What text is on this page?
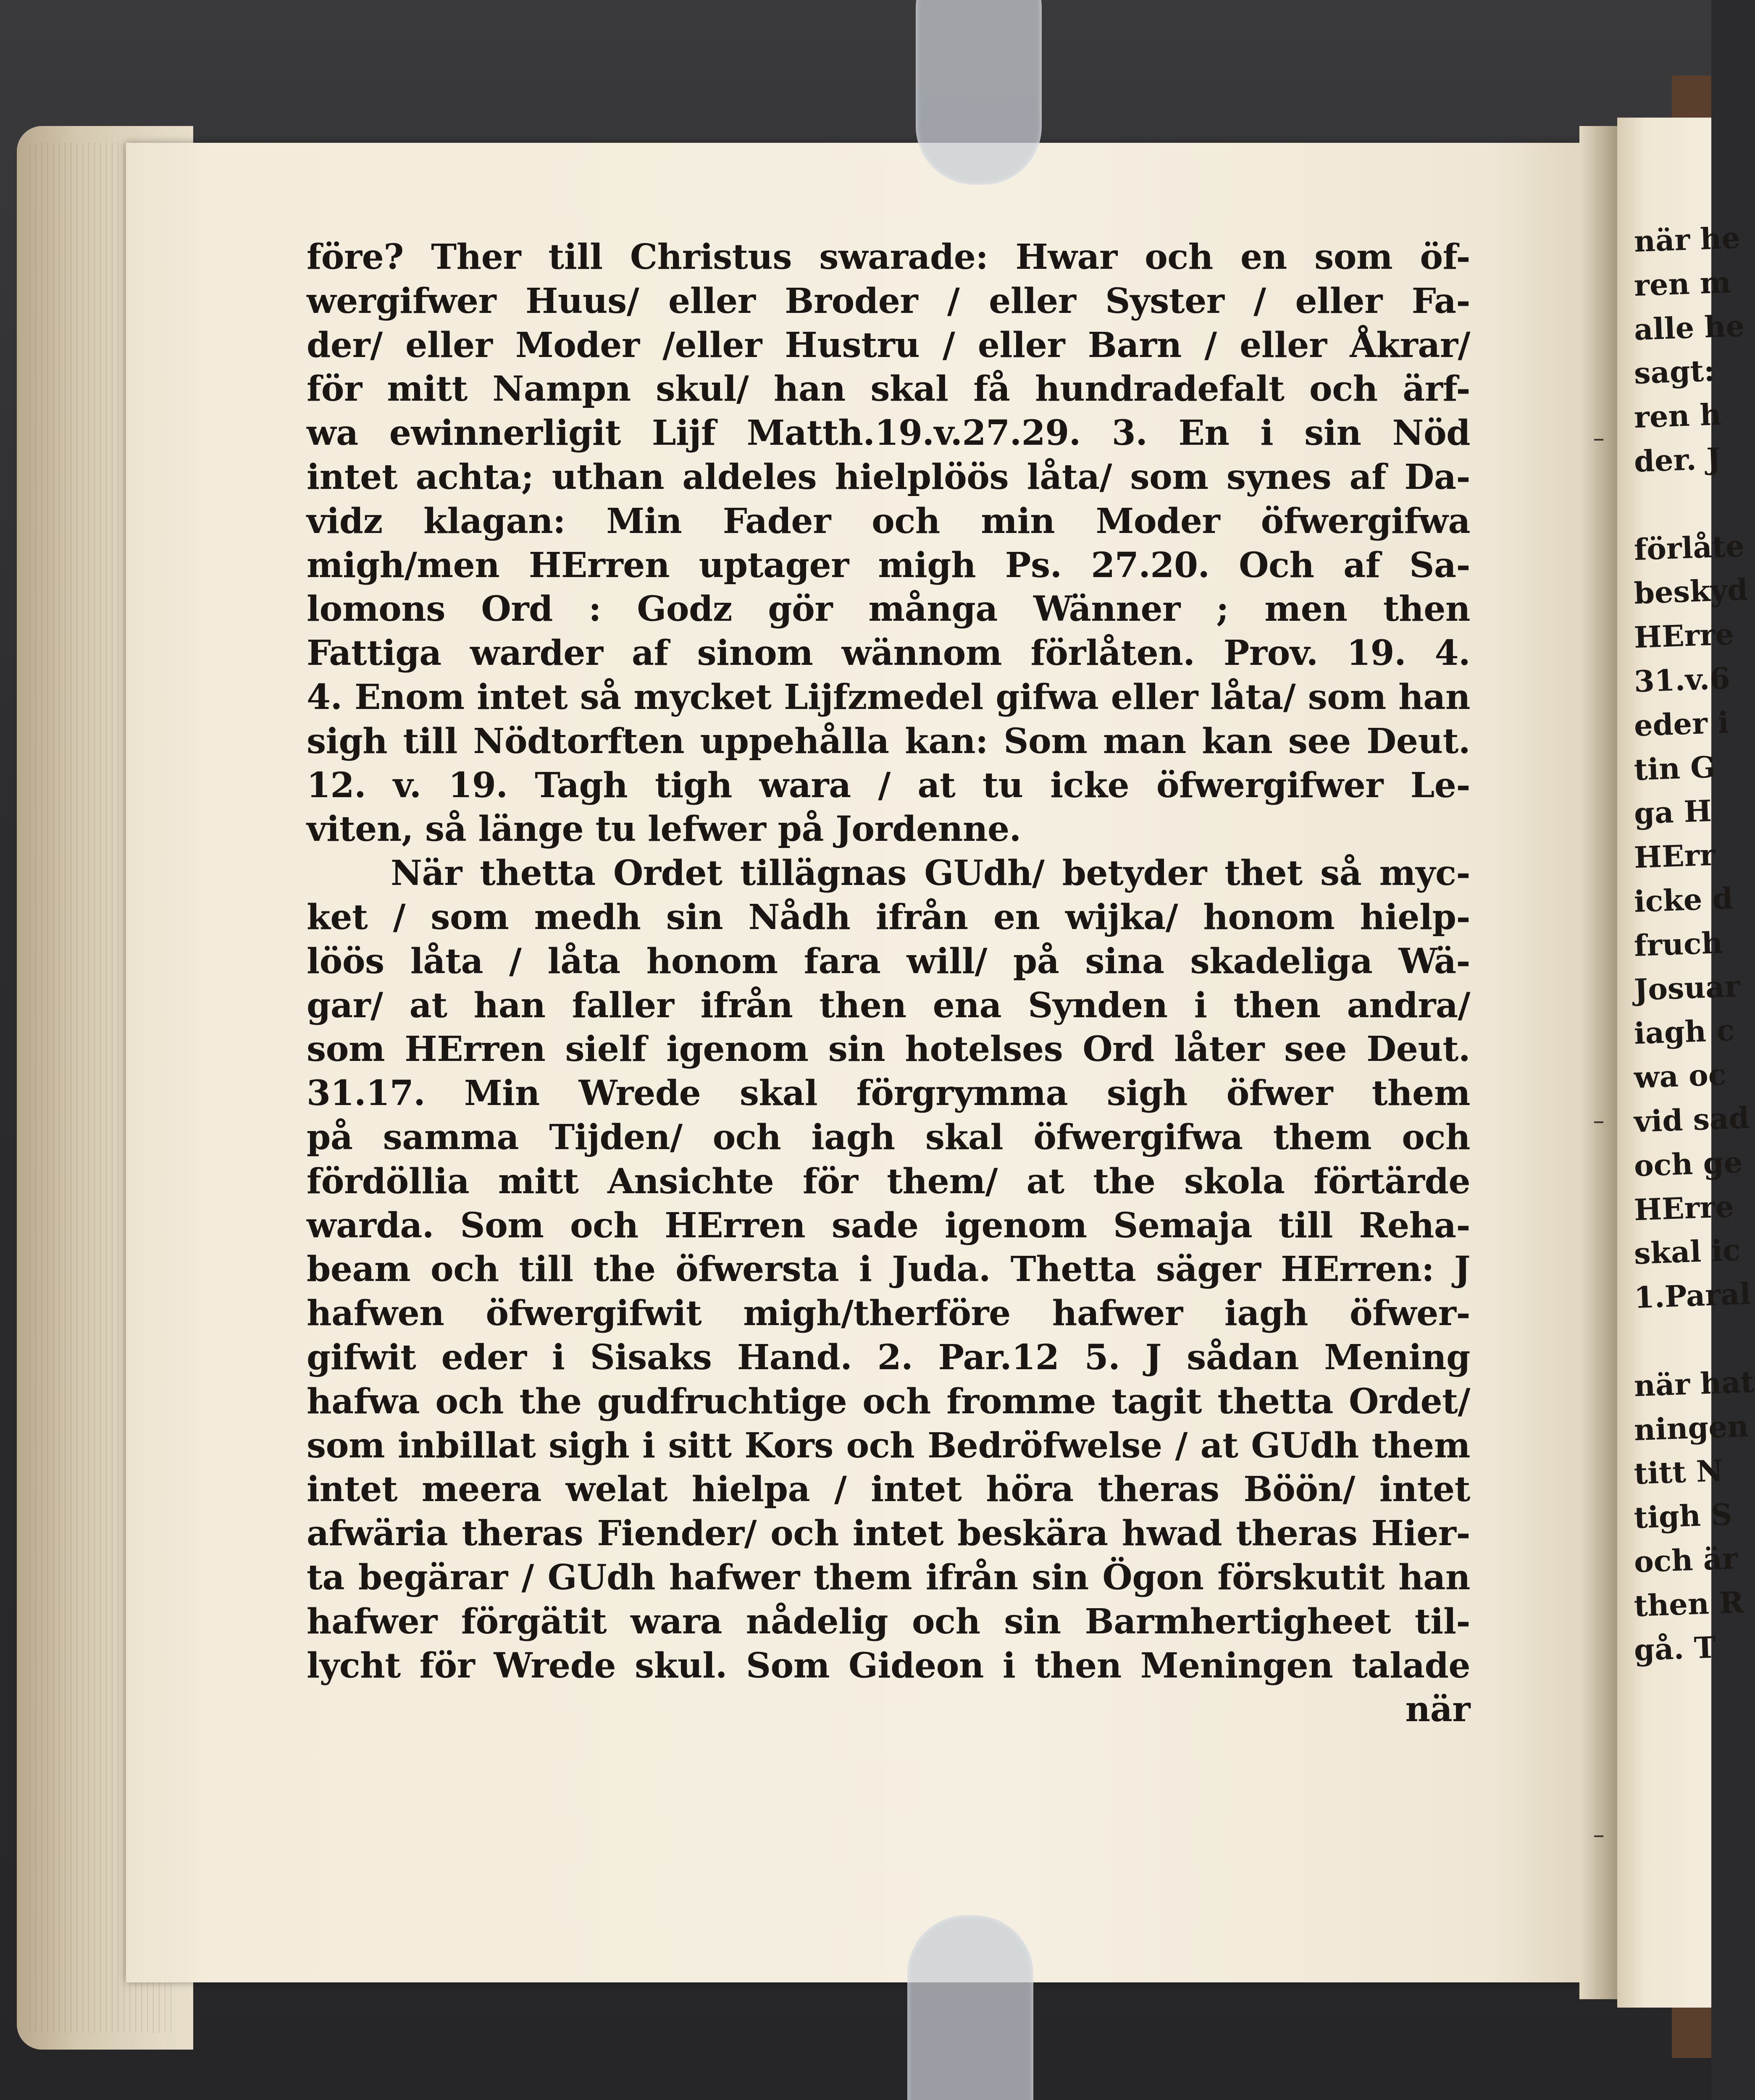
före? Ther till Christus swarade: Hwar och en som öf-
wergifwer Huus/ eller Broder / eller Syster / eller Fa-
der/ eller Moder /eller Hustru / eller Barn / eller Åkrar/
för mitt Nampn skul/ han skal få hundradefalt och ärf-
wa ewinnerligit Lijf Matth.19.v.27.29. 3. En i sin Nöd
intet achta; uthan aldeles hielplöös låta/ som synes af Da-
vidz klagan: Min Fader och min Moder öfwergifwa
migh/men HErren uptager migh Ps. 27.20. Och af Sa-
lomons Ord : Godz gör många Wänner ; men then
Fattiga warder af sinom wännom förlåten. Prov. 19. 4.
4. Enom intet så mycket Lijfzmedel gifwa eller låta/ som han
sigh till Nödtorften uppehålla kan: Som man kan see Deut.
12. v. 19. Tagh tigh wara / at tu icke öfwergifwer Le-
viten, så länge tu lefwer på Jordenne.
När thetta Ordet tillägnas GUdh/ betyder thet så myc-
ket / som medh sin Nådh ifrån en wijka/ honom hielp-
löös låta / låta honom fara will/ på sina skadeliga Wä-
gar/ at han faller ifrån then ena Synden i then andra/
som HErren sielf igenom sin hotelses Ord låter see Deut.
31.17. Min Wrede skal förgrymma sigh öfwer them
på samma Tijden/ och iagh skal öfwergifwa them och
fördöllia mitt Ansichte för them/ at the skola förtärde
warda. Som och HErren sade igenom Semaja till Reha-
beam och till the öfwersta i Juda. Thetta säger HErren: J
hafwen öfwergifwit migh/therföre hafwer iagh öfwer-
gifwit eder i Sisaks Hand. 2. Par.12 5. J sådan Mening
hafwa och the gudfruchtige och fromme tagit thetta Ordet/
som inbillat sigh i sitt Kors och Bedröfwelse / at GUdh them
intet meera welat hielpa / intet höra theras Böön/ intet
afwäria theras Fiender/ och intet beskära hwad theras Hier-
ta begärar / GUdh hafwer them ifrån sin Ögon förskutit han
hafwer förgätit wara nådelig och sin Barmhertigheet til-
lycht för Wrede skul. Som Gideon i then Meningen talade
när
när he
ren m
alle he
sagt:
ren h
der. J
förlåte
beskyd
HErre
31.v.6
eder i
tin G
ga H
HErr
icke d
fruch
Josuar
iagh c
wa oc
vid sad
och ge
HErre
skal ic
1.Paral
när hat
ningen
titt N
tigh S
och är
then R
gå. T
